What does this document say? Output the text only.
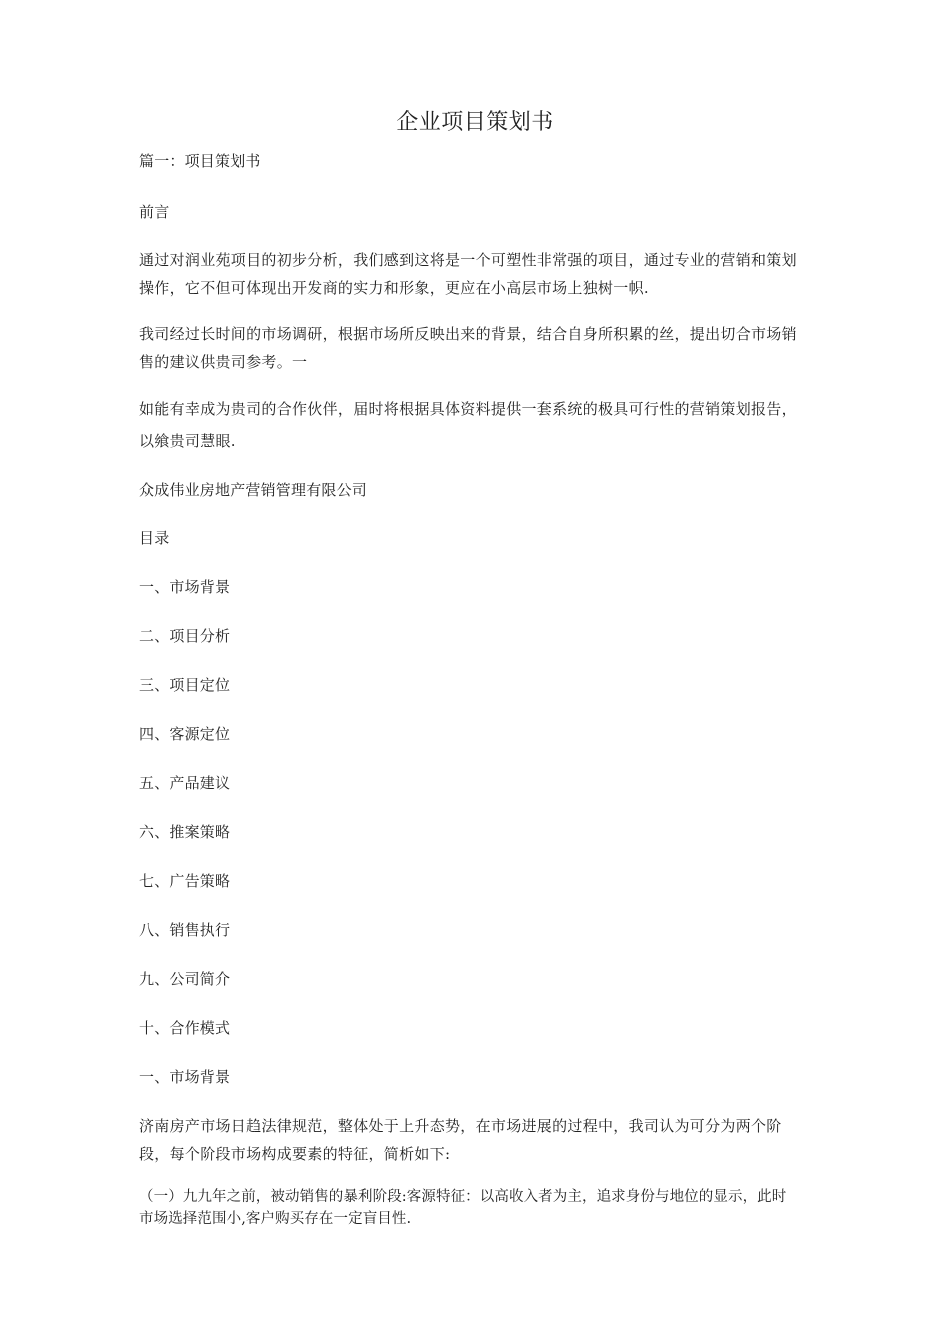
企业项目策划书
篇一：项目策划书
前言
通过对润业苑项目的初步分析，我们感到这将是一个可塑性非常强的项目，通过专业的营销和策划操作，它不但可体现出开发商的实力和形象，更应在小高层市场上独树一帜.
我司经过长时间的市场调研，根据市场所反映出来的背景，结合自身所积累的丝，提出切合市场销售的建议供贵司参考。一
如能有幸成为贵司的合作伙伴，届时将根据具体资料提供一套系统的极具可行性的营销策划报告，以飨贵司慧眼.
众成伟业房地产营销管理有限公司
目录
一、市场背景
二、项目分析
三、项目定位
四、客源定位
五、产品建议
六、推案策略
七、广告策略
八、销售执行
九、公司简介
十、合作模式
一、市场背景
济南房产市场日趋法律规范，整体处于上升态势，在市场进展的过程中，我司认为可分为两个阶段，每个阶段市场构成要素的特征，简析如下:
（一）九九年之前，被动销售的暴利阶段:客源特征：以高收入者为主，追求身份与地位的显示，此时市场选择范围小,客户购买存在一定盲目性.
